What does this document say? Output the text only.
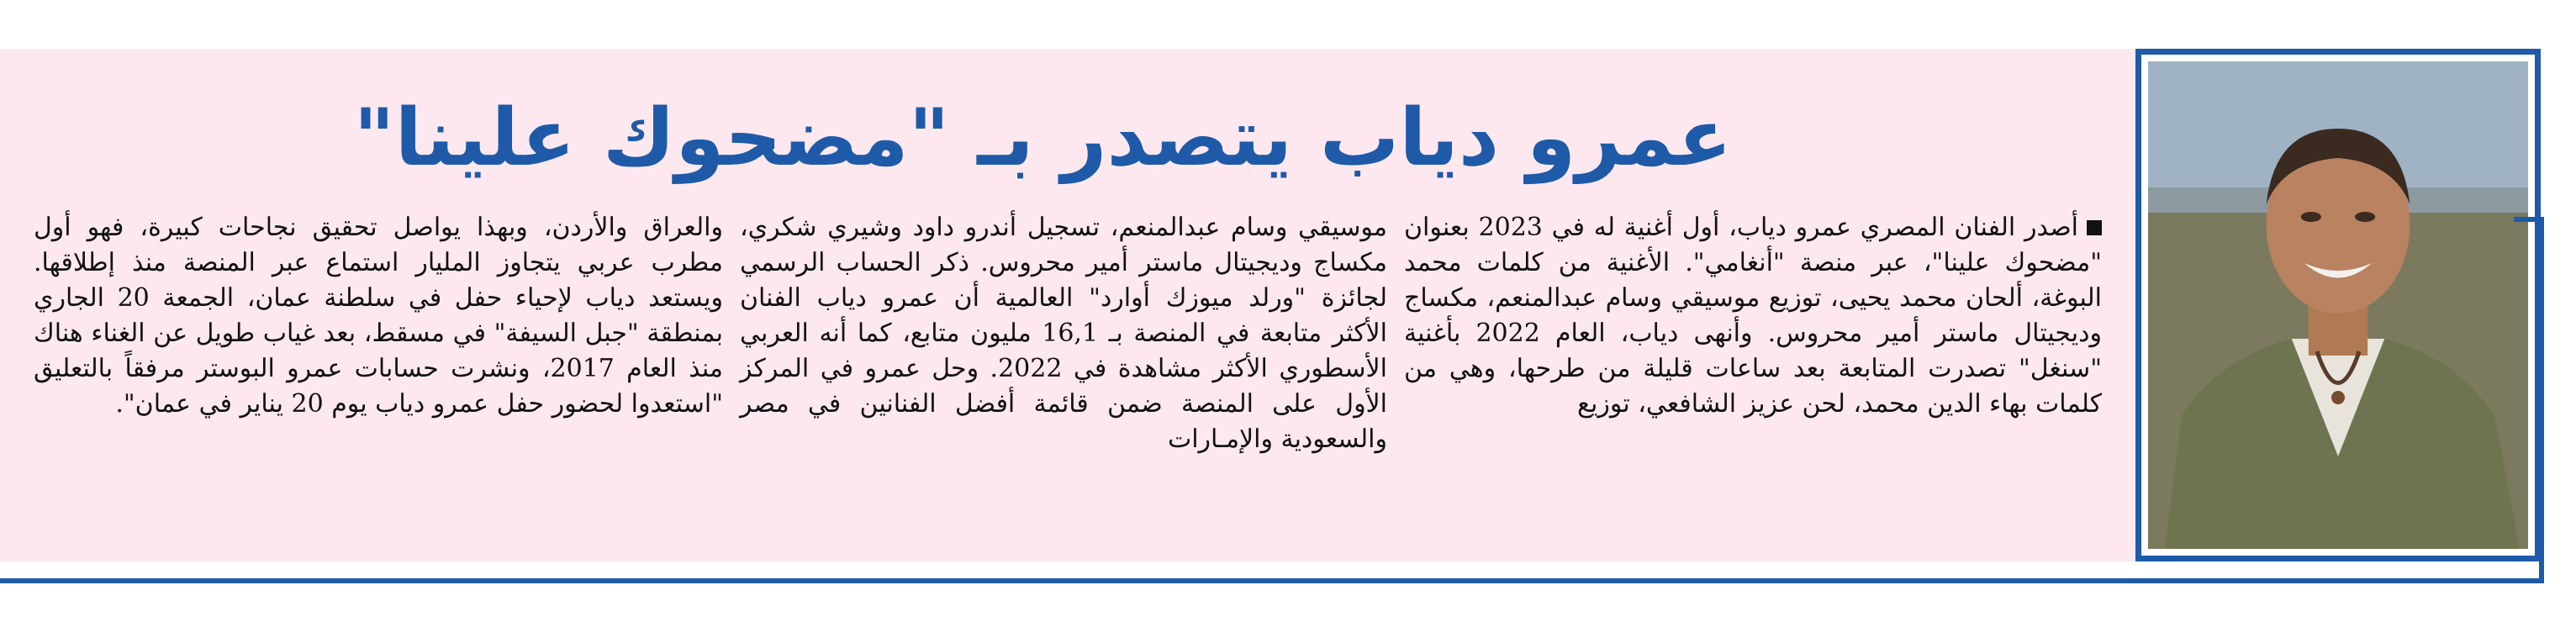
عمرو دياب يتصدر بـ "مضحوك علينا"

أصدر الفنان المصري عمرو دياب، أول أغنية له في 2023 بعنوان "مضحوك علينا"، عبر منصة "أنغامي". الأغنية من كلمات محمد البوغة، ألحان محمد يحيى، توزيع موسيقي وسام عبدالمنعم، مكساج وديجيتال ماستر أمير محروس. وأنهى دياب، العام 2022 بأغنية "سنغل" تصدرت المتابعة بعد ساعات قليلة من طرحها، وهي من كلمات بهاء الدين محمد، لحن عزيز الشافعي، توزيع

موسيقي وسام عبدالمنعم، تسجيل أندرو داود وشيري شكري، مكساج وديجيتال ماستر أمير محروس. ذكر الحساب الرسمي لجائزة "ورلد ميوزك أوارد" العالمية أن عمرو دياب الفنان الأكثر متابعة في المنصة بـ 16,1 مليون متابع، كما أنه العربي الأسطوري الأكثر مشاهدة في 2022. وحل عمرو في المركز الأول على المنصة ضمن قائمة أفضل الفنانين في مصر والسعودية والإمـارات

والعراق والأردن، وبهذا يواصل تحقيق نجاحات كبيرة، فهو أول مطرب عربي يتجاوز المليار استماع عبر المنصة منذ إطلاقها. ويستعد دياب لإحياء حفل في سلطنة عمان، الجمعة 20 الجاري بمنطقة "جبل السيفة" في مسقط، بعد غياب طويل عن الغناء هناك منذ العام 2017، ونشرت حسابات عمرو البوستر مرفقاً بالتعليق "استعدوا لحضور حفل عمرو دياب يوم 20 يناير في عمان".
